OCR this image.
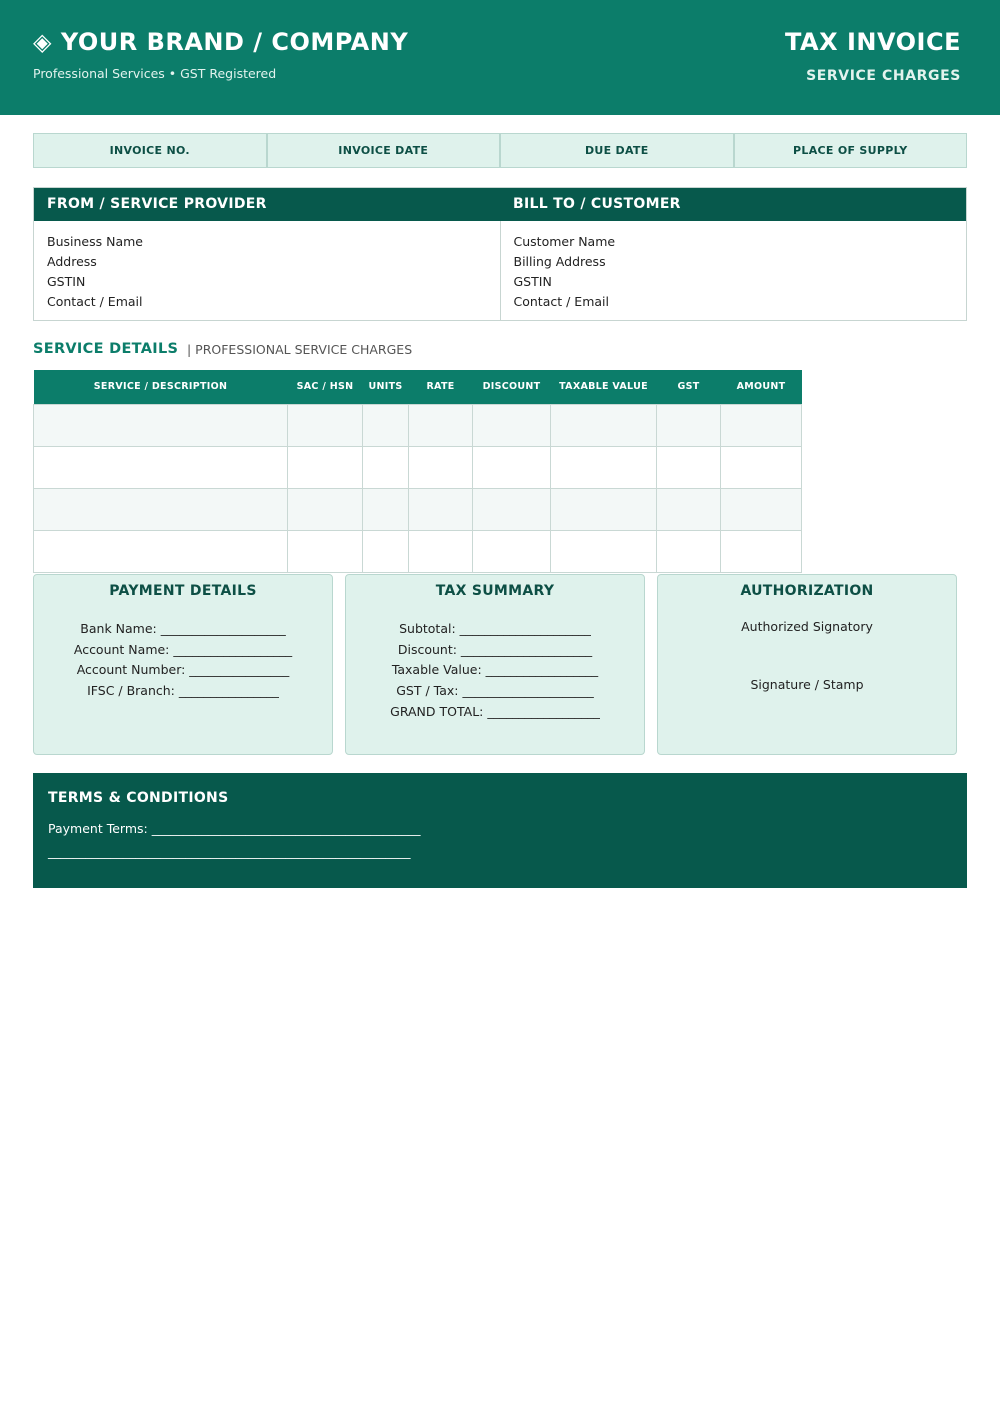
◈ YOUR BRAND / COMPANY
Professional Services • GST Registered
TAX INVOICE
SERVICE CHARGES
INVOICE NO.	INVOICE DATE	DUE DATE	PLACE OF SUPPLY
FROM / SERVICE PROVIDER	BILL TO / CUSTOMER
Business Name
Address
GSTIN
Contact / Email
Customer Name
Billing Address
GSTIN
Contact / Email
SERVICE DETAILS | PROFESSIONAL SERVICE CHARGES
SERVICE / DESCRIPTION	SAC / HSN	UNITS	RATE	DISCOUNT	TAXABLE VALUE	GST	AMOUNT

PAYMENT DETAILS
Bank Name: ____________________
Account Name: ___________________
Account Number: ________________
IFSC / Branch: ________________
TAX SUMMARY
Subtotal: _____________________
Discount: _____________________
Taxable Value: __________________
GST / Tax: _____________________
GRAND TOTAL: __________________
AUTHORIZATION
Authorized Signatory
Signature / Stamp
TERMS & CONDITIONS
Payment Terms: ___________________________________________
__________________________________________________________
